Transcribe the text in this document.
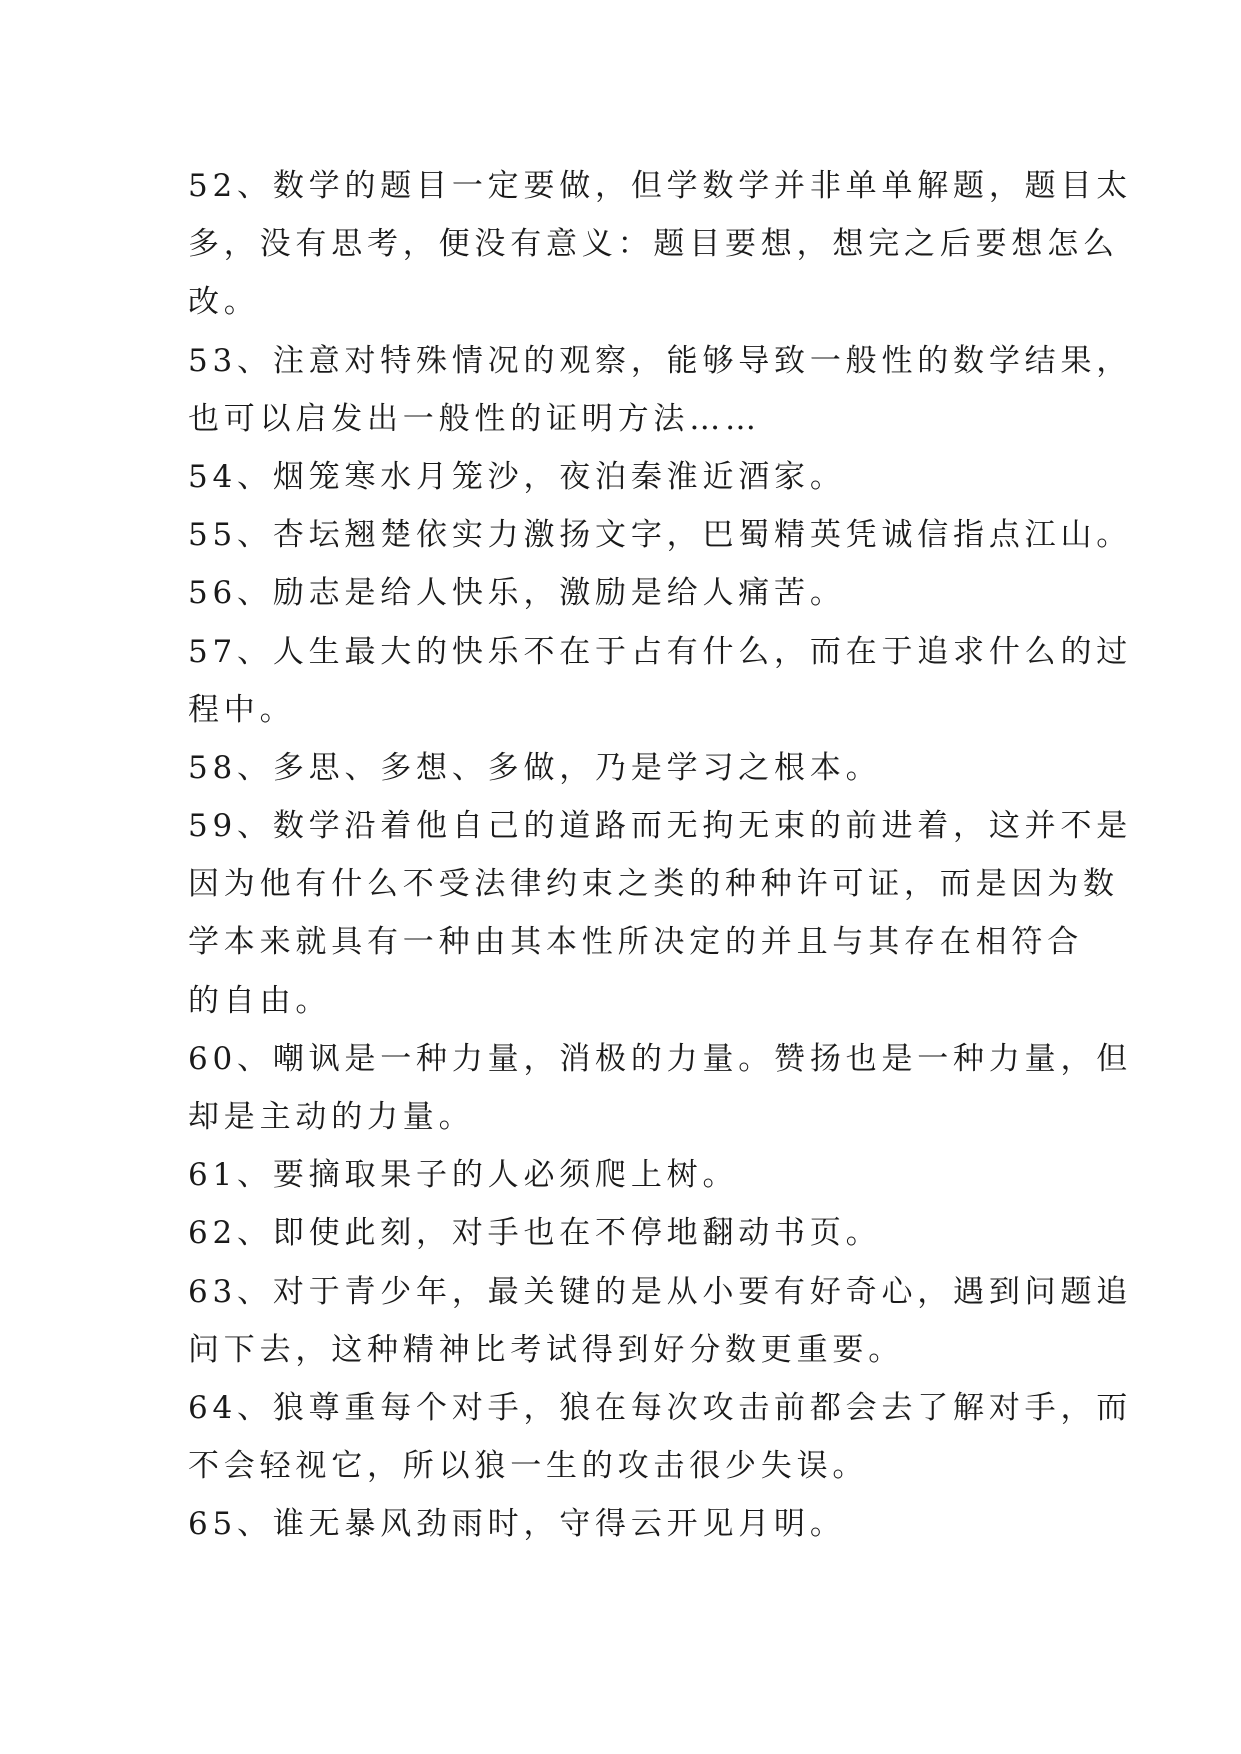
52、数学的题目一定要做，但学数学并非单单解题，题目太
多，没有思考，便没有意义：题目要想，想完之后要想怎么
改。
53、注意对特殊情况的观察，能够导致一般性的数学结果，
也可以启发出一般性的证明方法……
54、烟笼寒水月笼沙，夜泊秦淮近酒家。
55、杏坛翘楚依实力激扬文字，巴蜀精英凭诚信指点江山。
56、励志是给人快乐，激励是给人痛苦。
57、人生最大的快乐不在于占有什么，而在于追求什么的过
程中。
58、多思、多想、多做，乃是学习之根本。
59、数学沿着他自己的道路而无拘无束的前进着，这并不是
因为他有什么不受法律约束之类的种种许可证，而是因为数
学本来就具有一种由其本性所决定的并且与其存在相符合
的自由。
60、嘲讽是一种力量，消极的力量。赞扬也是一种力量，但
却是主动的力量。
61、要摘取果子的人必须爬上树。
62、即使此刻，对手也在不停地翻动书页。
63、对于青少年，最关键的是从小要有好奇心，遇到问题追
问下去，这种精神比考试得到好分数更重要。
64、狼尊重每个对手，狼在每次攻击前都会去了解对手，而
不会轻视它，所以狼一生的攻击很少失误。
65、谁无暴风劲雨时，守得云开见月明。
